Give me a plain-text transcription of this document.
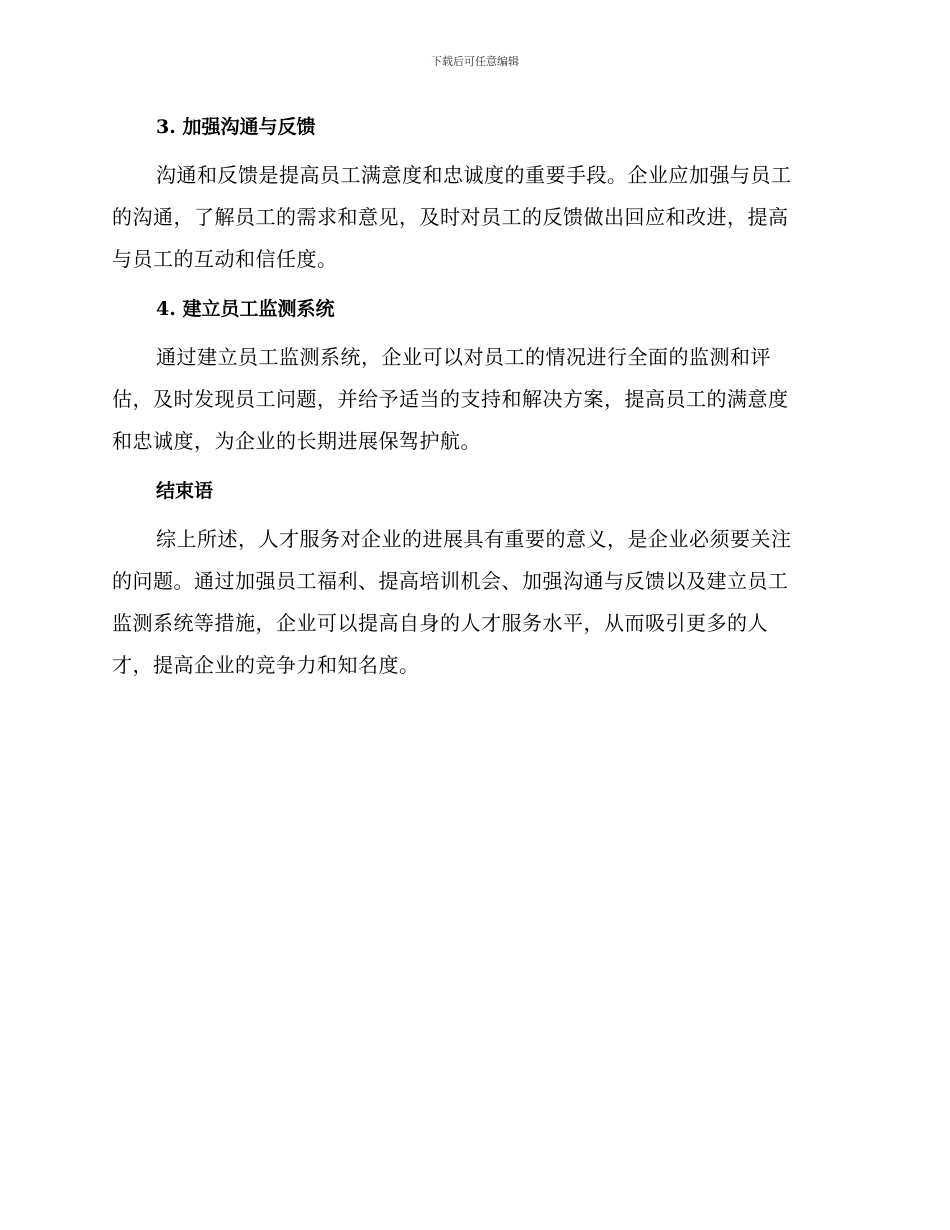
下载后可任意编辑
3. 加强沟通与反馈
沟通和反馈是提高员工满意度和忠诚度的重要手段。企业应加强与员工
的沟通，了解员工的需求和意见，及时对员工的反馈做出回应和改进，提高
与员工的互动和信任度。
4. 建立员工监测系统
通过建立员工监测系统，企业可以对员工的情况进行全面的监测和评
估，及时发现员工问题，并给予适当的支持和解决方案，提高员工的满意度
和忠诚度，为企业的长期进展保驾护航。
结束语
综上所述，人才服务对企业的进展具有重要的意义，是企业必须要关注
的问题。通过加强员工福利、提高培训机会、加强沟通与反馈以及建立员工
监测系统等措施，企业可以提高自身的人才服务水平，从而吸引更多的人
才，提高企业的竞争力和知名度。
